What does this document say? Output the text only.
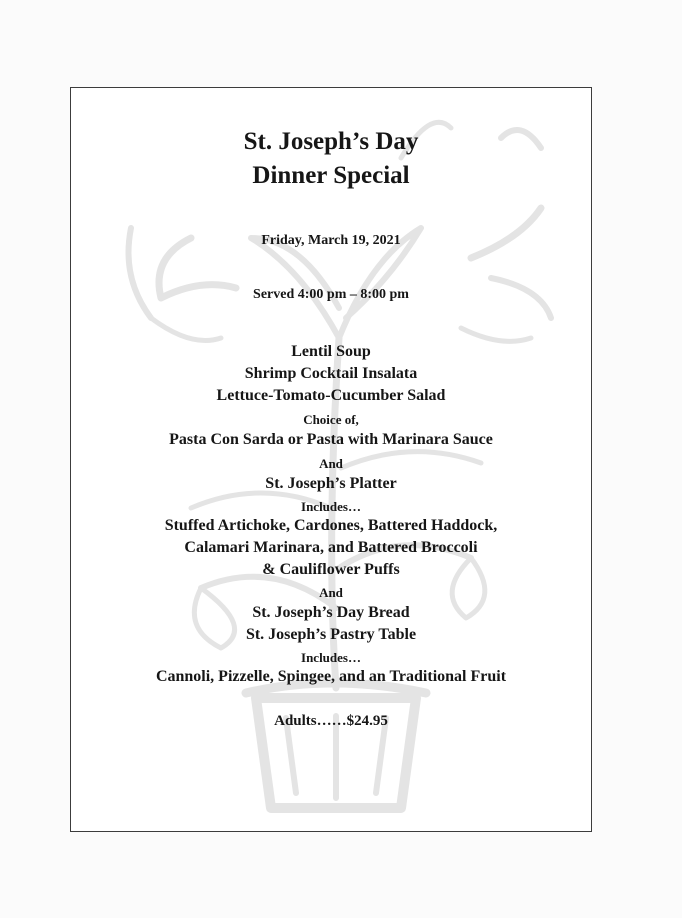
St. Joseph’s Day
Dinner Special
Friday, March 19, 2021
Served 4:00 pm – 8:00 pm
Lentil Soup
Shrimp Cocktail Insalata
Lettuce-Tomato-Cucumber Salad
Choice of,
Pasta Con Sarda or Pasta with Marinara Sauce
And
St. Joseph’s Platter
Includes…
Stuffed Artichoke, Cardones, Battered Haddock,
Calamari Marinara, and Battered Broccoli
& Cauliflower Puffs
And
St. Joseph’s Day Bread
St. Joseph’s Pastry Table
Includes…
Cannoli, Pizzelle, Spingee, and an Traditional Fruit
Adults……$24.95
